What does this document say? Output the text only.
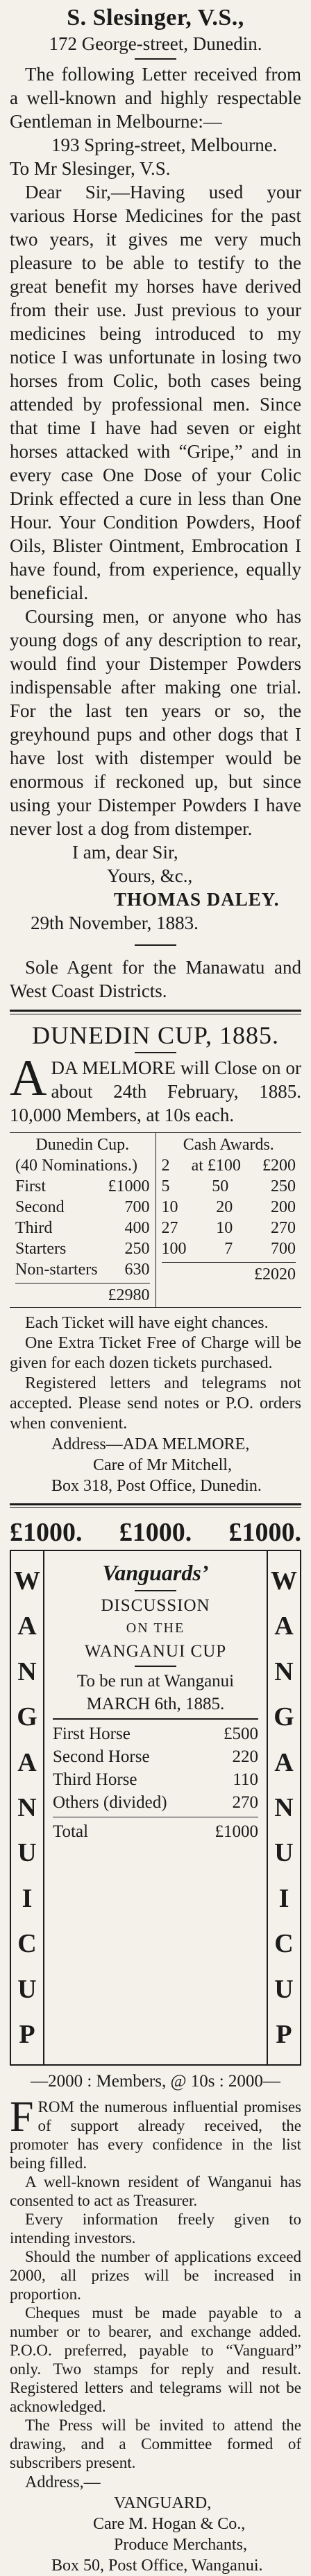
S. Slesinger, V.S.,

172 George-street, Dunedin.

The following Letter received from a well-known and highly respectable Gentleman in Melbourne:—

193 Spring-street, Melbourne.

To Mr Slesinger, V.S.

Dear Sir,—Having used your various Horse Medicines for the past two years, it gives me very much pleasure to be able to testify to the great benefit my horses have derived from their use. Just previous to your medicines being introduced to my notice I was unfortunate in losing two horses from Colic, both cases being attended by professional men. Since that time I have had seven or eight horses attacked with “Gripe,” and in every case One Dose of your Colic Drink effected a cure in less than One Hour. Your Condition Powders, Hoof Oils, Blister Ointment, Embrocation I have found, from experience, equally beneficial.

Coursing men, or anyone who has young dogs of any description to rear, would find your Distemper Powders indispensable after making one trial. For the last ten years or so, the greyhound pups and other dogs that I have lost with distemper would be enormous if reckoned up, but since using your Distemper Powders I have never lost a dog from distemper.

I am, dear Sir,

Yours, &c.,

THOMAS DALEY.

29th November, 1883.

Sole Agent for the Manawatu and West Coast Districts.

DUNEDIN CUP, 1885.

A DA MELMORE will Close on or about 24th February, 1885. 10,000 Members, at 10s each.
Dunedin Cup.
(40 Nominations.)
First	£1000
Second	700
Third	400
Starters	250
Non-starters 630
£2980
Cash Awards.
2 at £100 £200
5	50	250
10 20 200
27 10 270
100 7 700
£2020

Each Ticket will have eight chances.

One Extra Ticket Free of Charge will be given for each dozen tickets purchased.

Registered letters and telegrams not accepted. Please send notes or P.O. orders when convenient.

Address—ADA MELMORE,

Care of Mr Mitchell,

Box 318, Post Office, Dunedin.

£1000. £1000. £1000.
W
A
N
G
A
N
U
I
C
U
P

Vanguards’

DISCUSSION

ON THE

WANGANUI CUP

To be run at Wanganui

MARCH 6th, 1885.

First Horse	£500
Second Horse	220
Third Horse	110
Others (divided)	270
Total	£1000
W
A
N
G
A
N
U
I
C
U
P

—2000 : Members, @ 10s : 2000—

F ROM the numerous influential promises of support already received, the promoter has every confidence in the list being filled.

A well-known resident of Wanganui has consented to act as Treasurer.

Every information freely given to intending investors.

Should the number of applications exceed 2000, all prizes will be increased in proportion.

Cheques must be made payable to a number or to bearer, and exchange added. P.O.O. preferred, payable to “Vanguard” only. Two stamps for reply and result. Registered letters and telegrams will not be acknowledged.

The Press will be invited to attend the drawing, and a Committee formed of subscribers present.

Address,—

VANGUARD,

Care M. Hogan & Co.,

Produce Merchants,

Box 50, Post Office, Wanganui.
